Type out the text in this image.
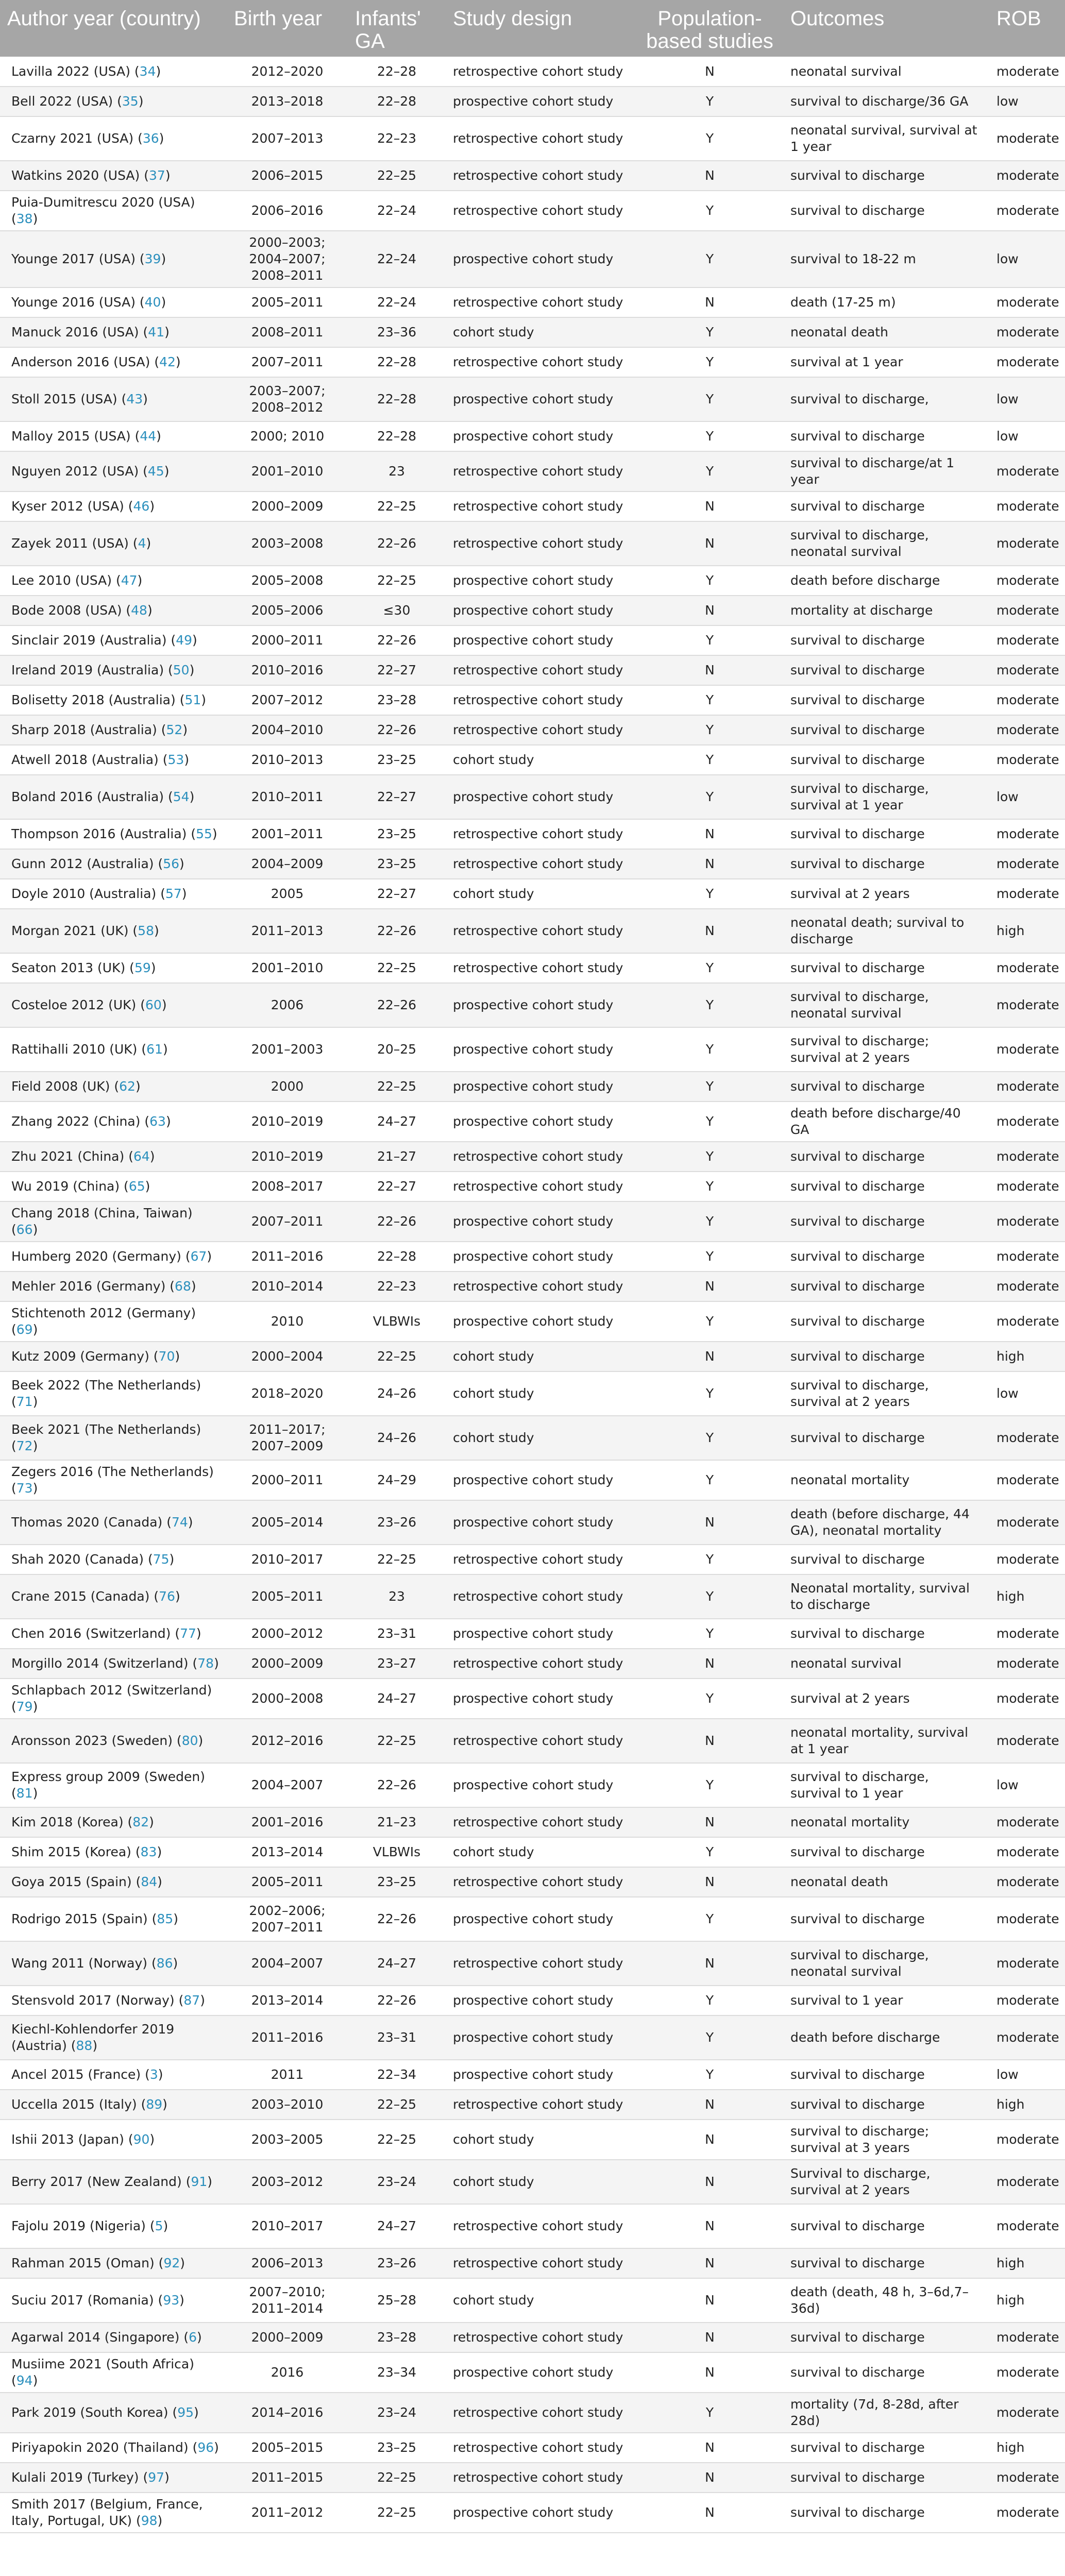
Author year (country)	Birth year	Infants' GA	Study design	Population-based studies	Outcomes	ROB
Lavilla 2022 (USA) (34)	2012–2020	22–28	retrospective cohort study	N	neonatal survival	moderate
Bell 2022 (USA) (35)	2013–2018	22–28	prospective cohort study	Y	survival to discharge/36 GA	low
Czarny 2021 (USA) (36)	2007–2013	22–23	retrospective cohort study	Y	neonatal survival, survival at 1 year	moderate
Watkins 2020 (USA) (37)	2006–2015	22–25	retrospective cohort study	N	survival to discharge	moderate
Puia-Dumitrescu 2020 (USA) (38)	2006–2016	22–24	retrospective cohort study	Y	survival to discharge	moderate
Younge 2017 (USA) (39)	2000–2003; 2004–2007; 2008–2011	22–24	prospective cohort study	Y	survival to 18-22 m	low
Younge 2016 (USA) (40)	2005–2011	22–24	retrospective cohort study	N	death (17-25 m)	moderate
Manuck 2016 (USA) (41)	2008–2011	23–36	cohort study	Y	neonatal death	moderate
Anderson 2016 (USA) (42)	2007–2011	22–28	retrospective cohort study	Y	survival at 1 year	moderate
Stoll 2015 (USA) (43)	2003–2007; 2008–2012	22–28	prospective cohort study	Y	survival to discharge,	low
Malloy 2015 (USA) (44)	2000; 2010	22–28	prospective cohort study	Y	survival to discharge	low
Nguyen 2012 (USA) (45)	2001–2010	23	retrospective cohort study	Y	survival to discharge/at 1 year	moderate
Kyser 2012 (USA) (46)	2000–2009	22–25	retrospective cohort study	N	survival to discharge	moderate
Zayek 2011 (USA) (4)	2003–2008	22–26	retrospective cohort study	N	survival to discharge, neonatal survival	moderate
Lee 2010 (USA) (47)	2005–2008	22–25	prospective cohort study	Y	death before discharge	moderate
Bode 2008 (USA) (48)	2005–2006	≤30	prospective cohort study	N	mortality at discharge	moderate
Sinclair 2019 (Australia) (49)	2000–2011	22–26	prospective cohort study	Y	survival to discharge	moderate
Ireland 2019 (Australia) (50)	2010–2016	22–27	retrospective cohort study	N	survival to discharge	moderate
Bolisetty 2018 (Australia) (51)	2007–2012	23–28	retrospective cohort study	Y	survival to discharge	moderate
Sharp 2018 (Australia) (52)	2004–2010	22–26	retrospective cohort study	Y	survival to discharge	moderate
Atwell 2018 (Australia) (53)	2010–2013	23–25	cohort study	Y	survival to discharge	moderate
Boland 2016 (Australia) (54)	2010–2011	22–27	prospective cohort study	Y	survival to discharge, survival at 1 year	low
Thompson 2016 (Australia) (55)	2001–2011	23–25	retrospective cohort study	N	survival to discharge	moderate
Gunn 2012 (Australia) (56)	2004–2009	23–25	retrospective cohort study	N	survival to discharge	moderate
Doyle 2010 (Australia) (57)	2005	22–27	cohort study	Y	survival at 2 years	moderate
Morgan 2021 (UK) (58)	2011–2013	22–26	retrospective cohort study	N	neonatal death; survival to discharge	high
Seaton 2013 (UK) (59)	2001–2010	22–25	retrospective cohort study	Y	survival to discharge	moderate
Costeloe 2012 (UK) (60)	2006	22–26	prospective cohort study	Y	survival to discharge, neonatal survival	moderate
Rattihalli 2010 (UK) (61)	2001–2003	20–25	prospective cohort study	Y	survival to discharge; survival at 2 years	moderate
Field 2008 (UK) (62)	2000	22–25	prospective cohort study	Y	survival to discharge	moderate
Zhang 2022 (China) (63)	2010–2019	24–27	prospective cohort study	Y	death before discharge/40 GA	moderate
Zhu 2021 (China) (64)	2010–2019	21–27	retrospective cohort study	Y	survival to discharge	moderate
Wu 2019 (China) (65)	2008–2017	22–27	retrospective cohort study	Y	survival to discharge	moderate
Chang 2018 (China, Taiwan) (66)	2007–2011	22–26	prospective cohort study	Y	survival to discharge	moderate
Humberg 2020 (Germany) (67)	2011–2016	22–28	prospective cohort study	Y	survival to discharge	moderate
Mehler 2016 (Germany) (68)	2010–2014	22–23	retrospective cohort study	N	survival to discharge	moderate
Stichtenoth 2012 (Germany) (69)	2010	VLBWIs	prospective cohort study	Y	survival to discharge	moderate
Kutz 2009 (Germany) (70)	2000–2004	22–25	cohort study	N	survival to discharge	high
Beek 2022 (The Netherlands) (71)	2018–2020	24–26	cohort study	Y	survival to discharge, survival at 2 years	low
Beek 2021 (The Netherlands) (72)	2011–2017; 2007–2009	24–26	cohort study	Y	survival to discharge	moderate
Zegers 2016 (The Netherlands) (73)	2000–2011	24–29	prospective cohort study	Y	neonatal mortality	moderate
Thomas 2020 (Canada) (74)	2005–2014	23–26	prospective cohort study	N	death (before discharge, 44 GA), neonatal mortality	moderate
Shah 2020 (Canada) (75)	2010–2017	22–25	retrospective cohort study	Y	survival to discharge	moderate
Crane 2015 (Canada) (76)	2005–2011	23	retrospective cohort study	Y	Neonatal mortality, survival to discharge	high
Chen 2016 (Switzerland) (77)	2000–2012	23–31	prospective cohort study	Y	survival to discharge	moderate
Morgillo 2014 (Switzerland) (78)	2000–2009	23–27	retrospective cohort study	N	neonatal survival	moderate
Schlapbach 2012 (Switzerland) (79)	2000–2008	24–27	prospective cohort study	Y	survival at 2 years	moderate
Aronsson 2023 (Sweden) (80)	2012–2016	22–25	retrospective cohort study	N	neonatal mortality, survival at 1 year	moderate
Express group 2009 (Sweden) (81)	2004–2007	22–26	prospective cohort study	Y	survival to discharge, survival to 1 year	low
Kim 2018 (Korea) (82)	2001–2016	21–23	retrospective cohort study	N	neonatal mortality	moderate
Shim 2015 (Korea) (83)	2013–2014	VLBWIs	cohort study	Y	survival to discharge	moderate
Goya 2015 (Spain) (84)	2005–2011	23–25	retrospective cohort study	N	neonatal death	moderate
Rodrigo 2015 (Spain) (85)	2002–2006; 2007–2011	22–26	prospective cohort study	Y	survival to discharge	moderate
Wang 2011 (Norway) (86)	2004–2007	24–27	retrospective cohort study	N	survival to discharge, neonatal survival	moderate
Stensvold 2017 (Norway) (87)	2013–2014	22–26	prospective cohort study	Y	survival to 1 year	moderate
Kiechl-Kohlendorfer 2019 (Austria) (88)	2011–2016	23–31	prospective cohort study	Y	death before discharge	moderate
Ancel 2015 (France) (3)	2011	22–34	prospective cohort study	Y	survival to discharge	low
Uccella 2015 (Italy) (89)	2003–2010	22–25	retrospective cohort study	N	survival to discharge	high
Ishii 2013 (Japan) (90)	2003–2005	22–25	cohort study	N	survival to discharge; survival at 3 years	moderate
Berry 2017 (New Zealand) (91)	2003–2012	23–24	cohort study	N	Survival to discharge, survival at 2 years	moderate
Fajolu 2019 (Nigeria) (5)	2010–2017	24–27	retrospective cohort study	N	survival to discharge	moderate
Rahman 2015 (Oman) (92)	2006–2013	23–26	retrospective cohort study	N	survival to discharge	high
Suciu 2017 (Romania) (93)	2007–2010; 2011–2014	25–28	cohort study	N	death (death, 48 h, 3–6d,7–36d)	high
Agarwal 2014 (Singapore) (6)	2000–2009	23–28	retrospective cohort study	N	survival to discharge	moderate
Musiime 2021 (South Africa) (94)	2016	23–34	prospective cohort study	N	survival to discharge	moderate
Park 2019 (South Korea) (95)	2014–2016	23–24	retrospective cohort study	Y	mortality (7d, 8-28d, after 28d)	moderate
Piriyapokin 2020 (Thailand) (96)	2005–2015	23–25	retrospective cohort study	N	survival to discharge	high
Kulali 2019 (Turkey) (97)	2011–2015	22–25	retrospective cohort study	N	survival to discharge	moderate
Smith 2017 (Belgium, France, Italy, Portugal, UK) (98)	2011–2012	22–25	prospective cohort study	N	survival to discharge	moderate
